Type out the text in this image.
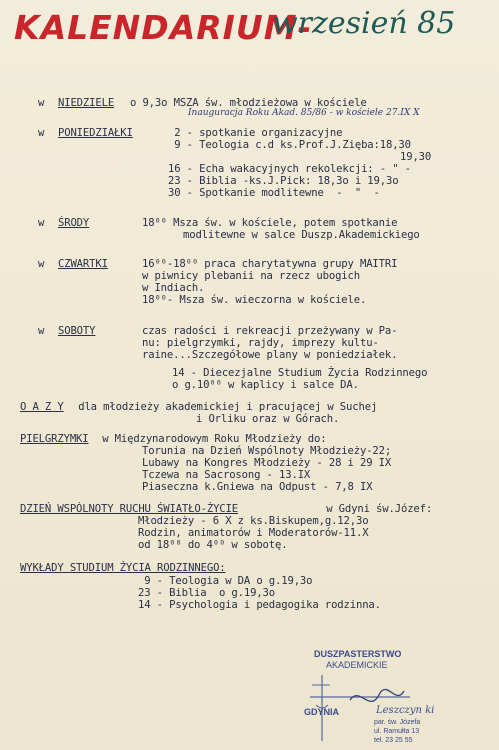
KALENDARIUM-
wrzesień 85
w NIEDZIELE o 9,3o MSZA św. młodzieżowa w kościele
Inauguracja Roku Akad. 85/86 - w kościele 27.IX X
w PONIEDZIAŁKI	2 - spotkanie organizacyjne
9 - Teologia c.d ks.Prof.J.Zięba:18,30
19,30
16 - Echa wakacyjnych rekolekcji: - " -
23 - Biblia -ks.J.Pick: 18,3o i 19,3o
30 - Spotkanie modlitewne  -  "  -
w ŚRODY	18⁰⁰ Msza św. w kościele, potem spotkanie
modlitewne w salce Duszp.Akademickiego
w CZWARTKI	16⁰⁰-18⁰⁰ praca charytatywna grupy MAITRI
w piwnicy plebanii na rzecz ubogich
w Indiach.
18⁰⁰- Msza św. wieczorna w kościele.
w SOBOTY	czas radości i rekreacji przeżywany w Pa-
nu: pielgrzymki, rajdy, imprezy kultu-
raine...Szczegółowe plany w poniedziałek.
14 - Diecezjalne Studium Życia Rodzinnego
o g.10⁰⁰ w kaplicy i salce DA.
O A Z Y dla młodzieży akademickiej i pracującej w Suchej
i Orliku oraz w Górach.
PIELGRZYMKI w Międzynarodowym Roku Młodzieży do:
Torunia na Dzień Wspólnoty Młodzieży-22;
Lubawy na Kongres Młodzieży - 28 i 29 IX
Tczewa na Sacrosong - 13.IX
Piaseczna k.Gniewa na Odpust - 7,8 IX
DZIEŃ WSPÓLNOTY RUCHU ŚWIATŁO-ŻYCIE	w Gdyni św.Józef:
Młodzieży - 6 X z ks.Biskupem,g.12,3o
Rodzin, animatorów i Moderatorów-11.X
od 18⁰⁰ do 4⁰⁰ w sobotę.
WYKŁADY STUDIUM ŻYCIA RODZINNEGO:
9 - Teologia w DA o g.19,3o
23 - Biblia  o g.19,3o
14 - Psychologia i pedagogika rodzinna.
DUSZPASTERSTWO
AKADEMICKIE
GDYNIA	Leszczyn ki
par. św. Józefa
ul. Ramułta 13
tel. 23 25 55
